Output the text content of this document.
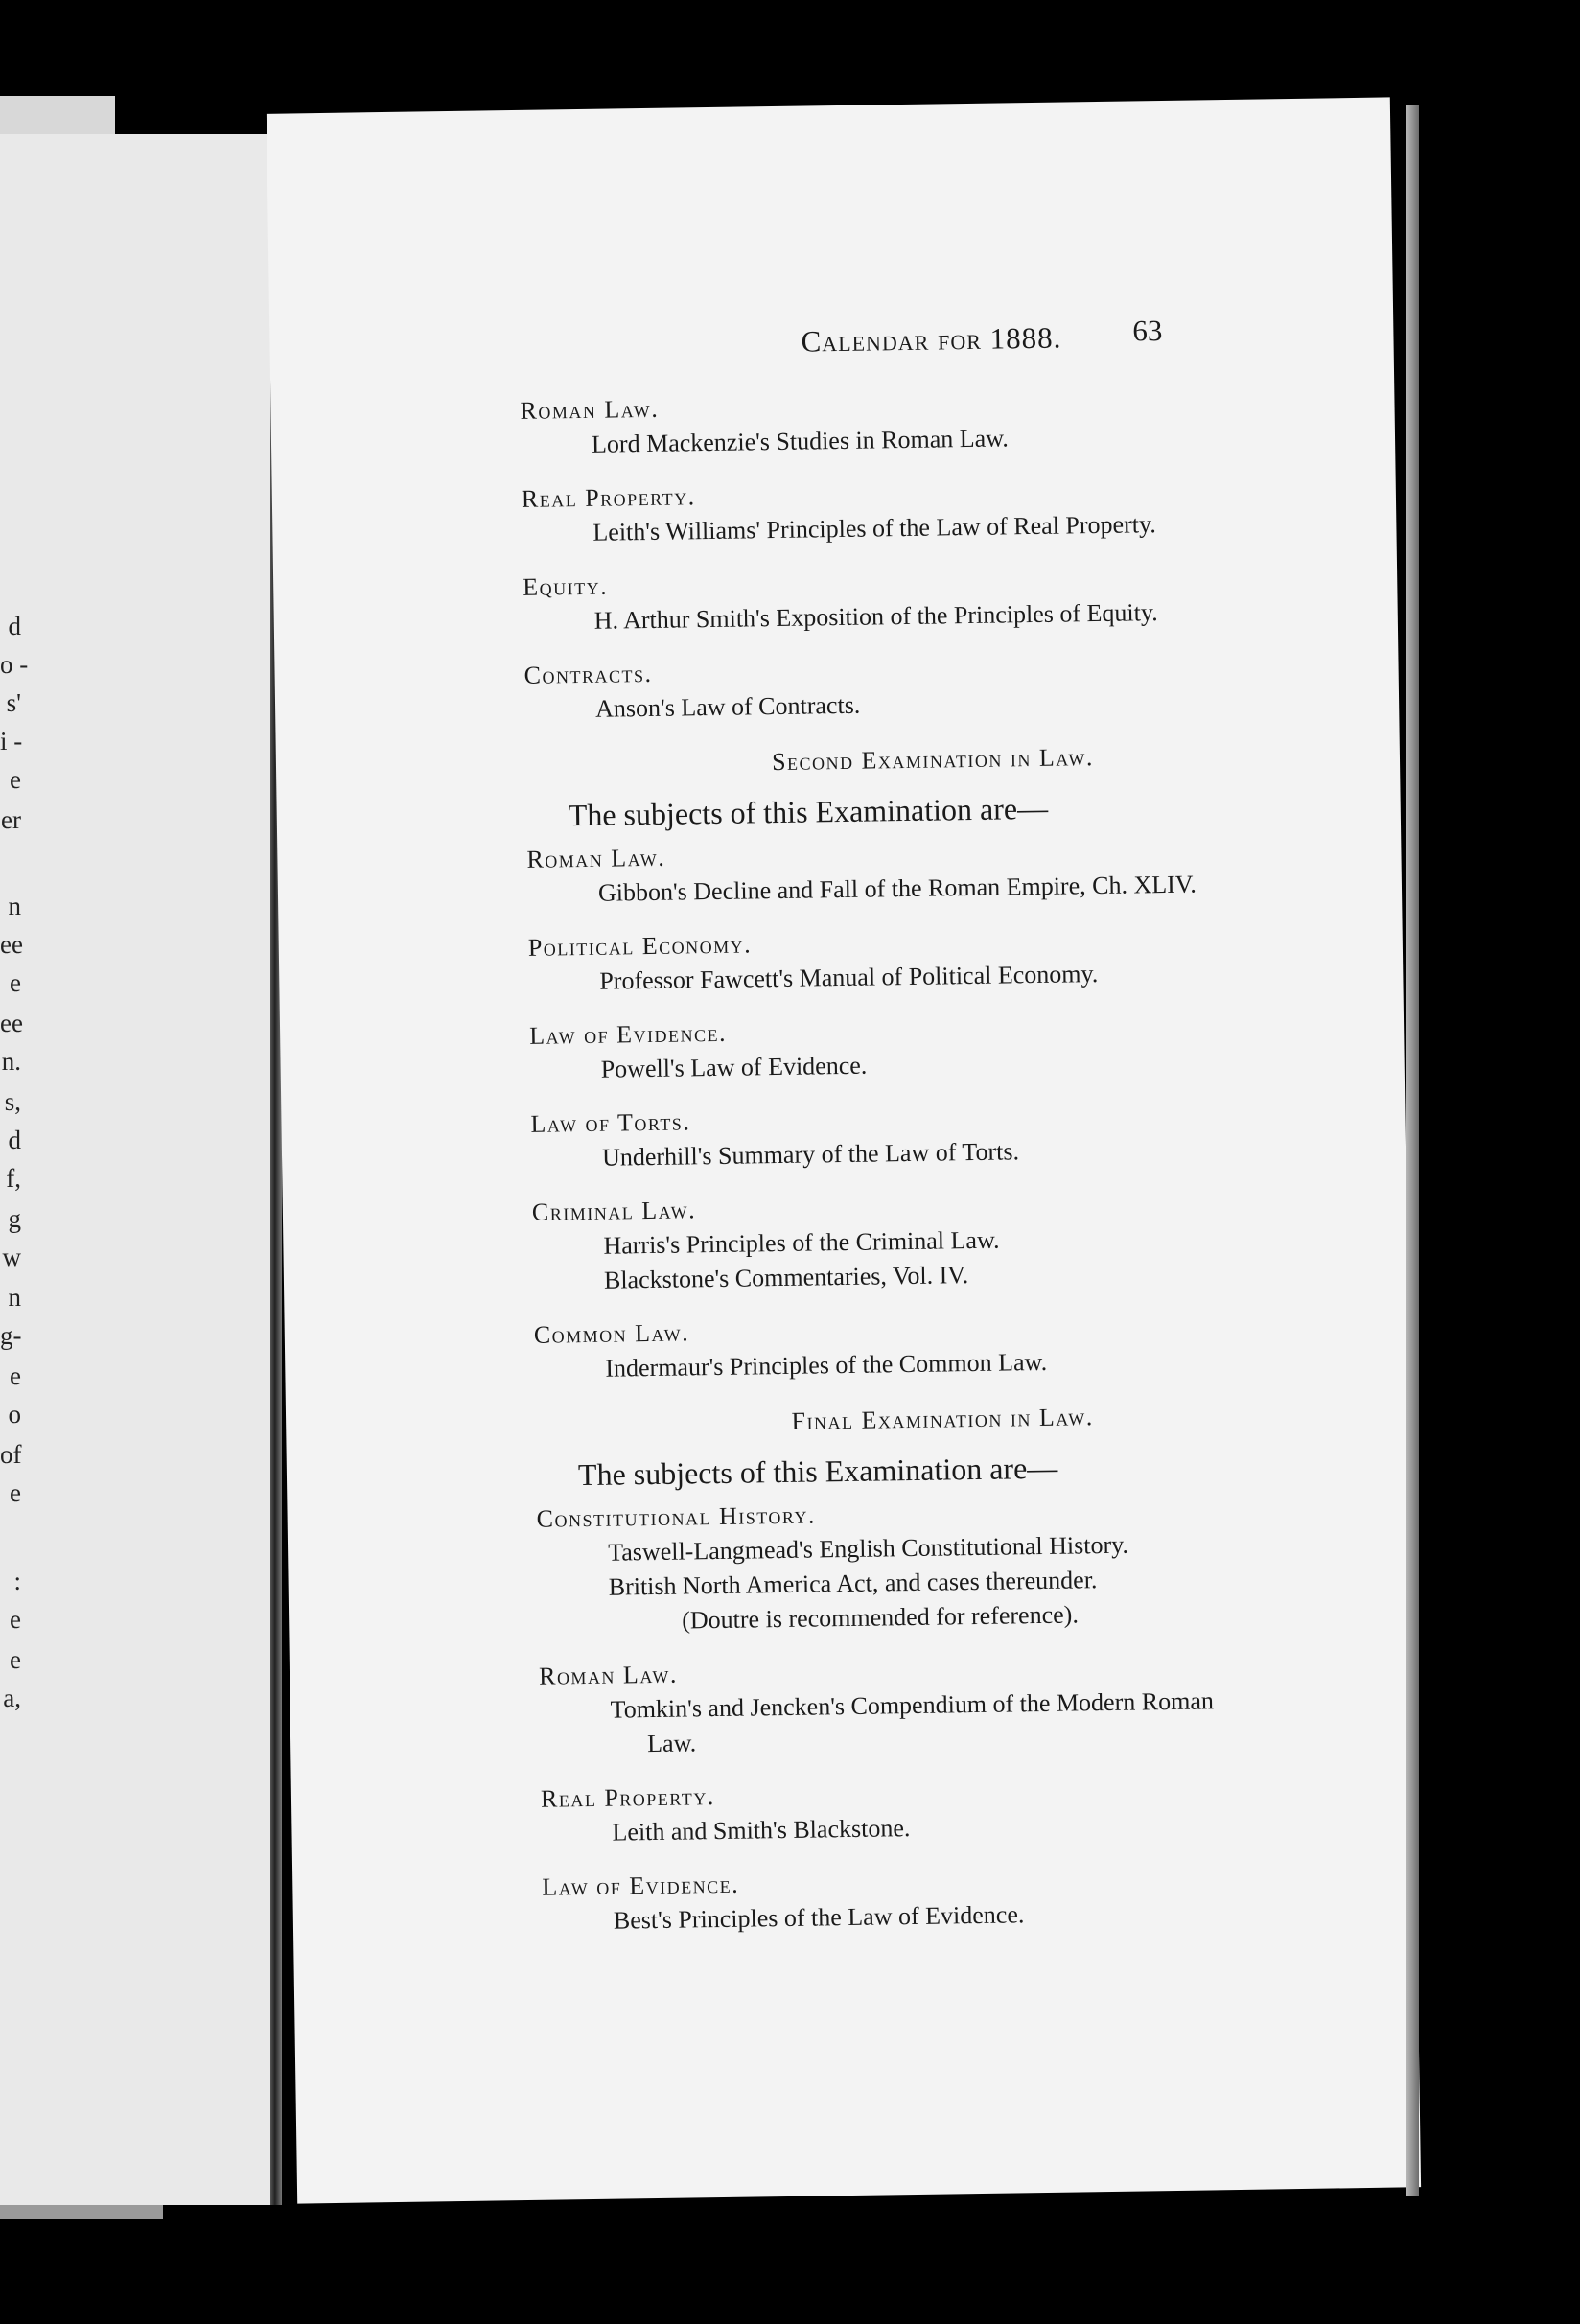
d
o -
s'
i -
e
er
n
ee
e
ee
n.
s,
d
f,
g
w
n
g-
e
o
of
e
:
e
e
a,
Calendar for 1888.	63
Roman Law.
Lord Mackenzie's Studies in Roman Law.
Real Property.
Leith's Williams' Principles of the Law of Real Property.
Equity.
H. Arthur Smith's Exposition of the Principles of Equity.
Contracts.
Anson's Law of Contracts.
Second Examination in Law.
The subjects of this Examination are—
Roman Law.
Gibbon's Decline and Fall of the Roman Empire, Ch. XLIV.
Political Economy.
Professor Fawcett's Manual of Political Economy.
Law of Evidence.
Powell's Law of Evidence.
Law of Torts.
Underhill's Summary of the Law of Torts.
Criminal Law.
Harris's Principles of the Criminal Law.
Blackstone's Commentaries, Vol. IV.
Common Law.
Indermaur's Principles of the Common Law.
Final Examination in Law.
The subjects of this Examination are—
Constitutional History.
Taswell-Langmead's English Constitutional History.
British North America Act, and cases thereunder.
(Doutre is recommended for reference).
Roman Law.
Tomkin's and Jencken's Compendium of the Modern Roman
Law.
Real Property.
Leith and Smith's Blackstone.
Law of Evidence.
Best's Principles of the Law of Evidence.
